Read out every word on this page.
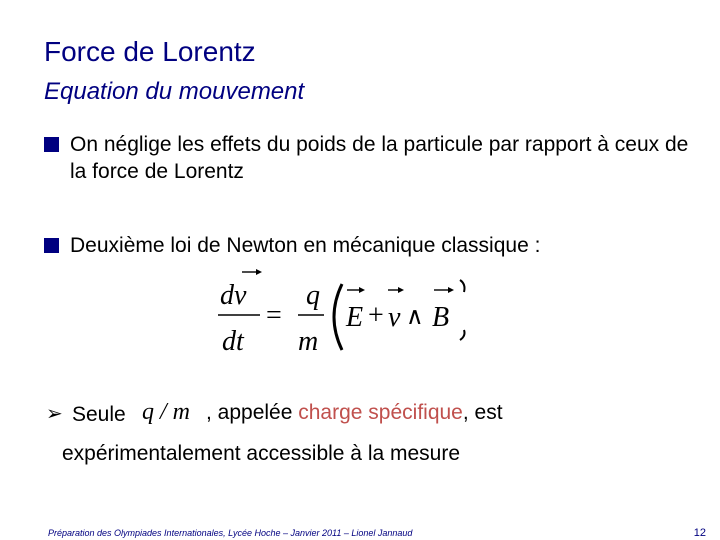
Force de Lorentz
Equation du mouvement
On néglige les effets du poids de la particule par rapport à ceux de la force de Lorentz
Deuxième loi de Newton en mécanique classique :
dv
dt
=
q
m
E + v ∧ B
➢ Seule q / m , appelée charge spécifique, est
expérimentalement accessible à la mesure
Préparation des Olympiades Internationales, Lycée Hoche – Janvier 2011 – Lionel Jannaud	12
